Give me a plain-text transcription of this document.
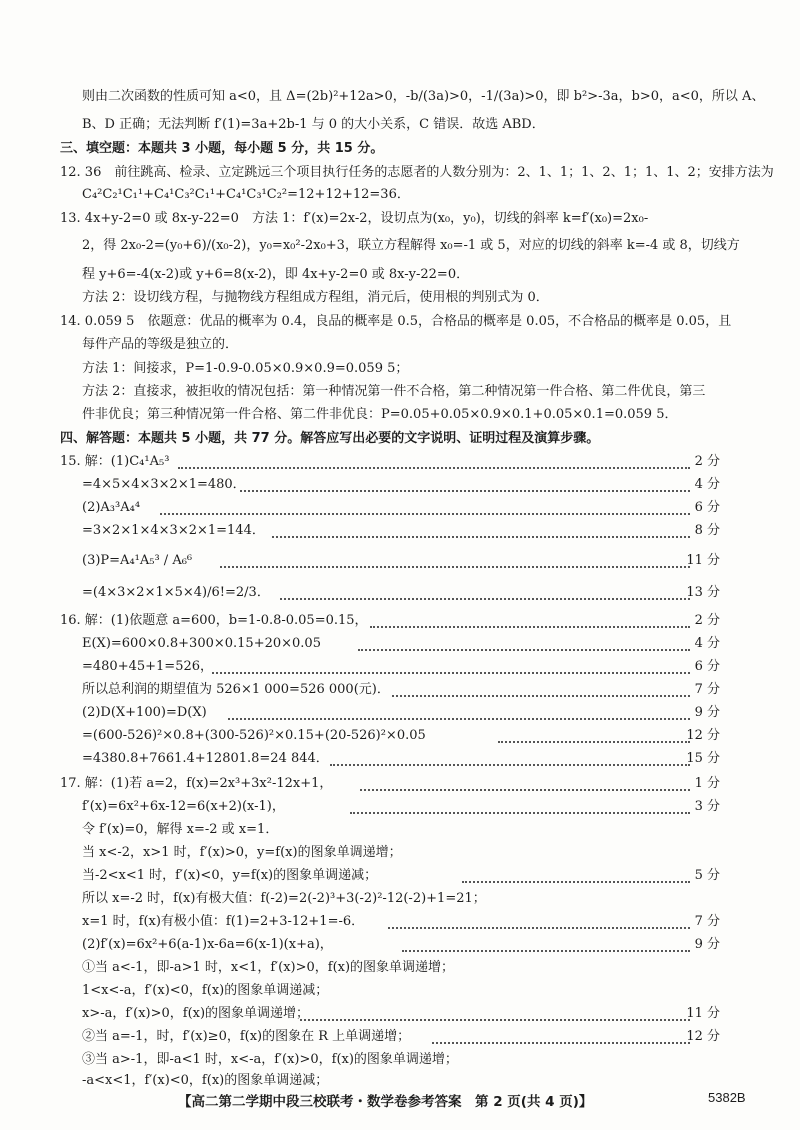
则由二次函数的性质可知 a<0，且 Δ=(2b)²+12a>0，-b/(3a)>0，-1/(3a)>0，即 b²>-3a，b>0，a<0，所以 A、
B、D 正确；无法判断 f′(1)=3a+2b-1 与 0 的大小关系，C 错误．故选 ABD．
三、填空题：本题共 3 小题，每小题 5 分，共 15 分。
12. 36　前往跳高、检录、立定跳远三个项目执行任务的志愿者的人数分别为：2、1、1；1、2、1；1、1、2；安排方法为
C₄²C₂¹C₁¹+C₄¹C₃²C₁¹+C₄¹C₃¹C₂²=12+12+12=36．
13. 4x+y-2=0 或 8x-y-22=0　方法 1：f′(x)=2x-2，设切点为(x₀，y₀)，切线的斜率 k=f′(x₀)=2x₀-
2，得 2x₀-2=(y₀+6)/(x₀-2)，y₀=x₀²-2x₀+3，联立方程解得 x₀=-1 或 5，对应的切线的斜率 k=-4 或 8，切线方
程 y+6=-4(x-2)或 y+6=8(x-2)，即 4x+y-2=0 或 8x-y-22=0．
方法 2：设切线方程，与抛物线方程组成方程组，消元后，使用根的判别式为 0．
14. 0.059 5　依题意：优品的概率为 0.4，良品的概率是 0.5，合格品的概率是 0.05，不合格品的概率是 0.05，且
每件产品的等级是独立的．
方法 1：间接求，P=1-0.9-0.05×0.9×0.9=0.059 5；
方法 2：直接求，被拒收的情况包括：第一种情况第一件不合格，第二种情况第一件合格、第二件优良，第三
件非优良；第三种情况第一件合格、第二件非优良：P=0.05+0.05×0.9×0.1+0.05×0.1=0.059 5．
四、解答题：本题共 5 小题，共 77 分。解答应写出必要的文字说明、证明过程及演算步骤。
15. 解：(1)C₄¹A₅³	2 分
=4×5×4×3×2×1=480．	4 分
(2)A₃³A₄⁴	6 分
=3×2×1×4×3×2×1=144．	8 分
(3)P=A₄¹A₅³ / A₆⁶	11 分
=(4×3×2×1×5×4)/6!=2/3．	13 分
16. 解：(1)依题意 a=600，b=1-0.8-0.05=0.15，	2 分
E(X)=600×0.8+300×0.15+20×0.05	4 分
=480+45+1=526，	6 分
所以总利润的期望值为 526×1 000=526 000(元)．	7 分
(2)D(X+100)=D(X)	9 分
=(600-526)²×0.8+(300-526)²×0.15+(20-526)²×0.05	12 分
=4380.8+7661.4+12801.8=24 844．	15 分
17. 解：(1)若 a=2，f(x)=2x³+3x²-12x+1，	1 分
f′(x)=6x²+6x-12=6(x+2)(x-1)，	3 分
令 f′(x)=0，解得 x=-2 或 x=1．
当 x<-2，x>1 时，f′(x)>0，y=f(x)的图象单调递增；
当-2<x<1 时，f′(x)<0，y=f(x)的图象单调递减；	5 分
所以 x=-2 时，f(x)有极大值：f(-2)=2(-2)³+3(-2)²-12(-2)+1=21；
x=1 时，f(x)有极小值：f(1)=2+3-12+1=-6．	7 分
(2)f′(x)=6x²+6(a-1)x-6a=6(x-1)(x+a)，	9 分
①当 a<-1，即-a>1 时，x<1，f′(x)>0，f(x)的图象单调递增；
1<x<-a，f′(x)<0，f(x)的图象单调递减；
x>-a，f′(x)>0，f(x)的图象单调递增；	11 分
②当 a=-1，时，f′(x)≥0，f(x)的图象在 R 上单调递增；	12 分
③当 a>-1，即-a<1 时，x<-a，f′(x)>0，f(x)的图象单调递增；
-a<x<1，f′(x)<0，f(x)的图象单调递减；
【高二第二学期中段三校联考・数学卷参考答案　第 2 页(共 4 页)】	5382B
